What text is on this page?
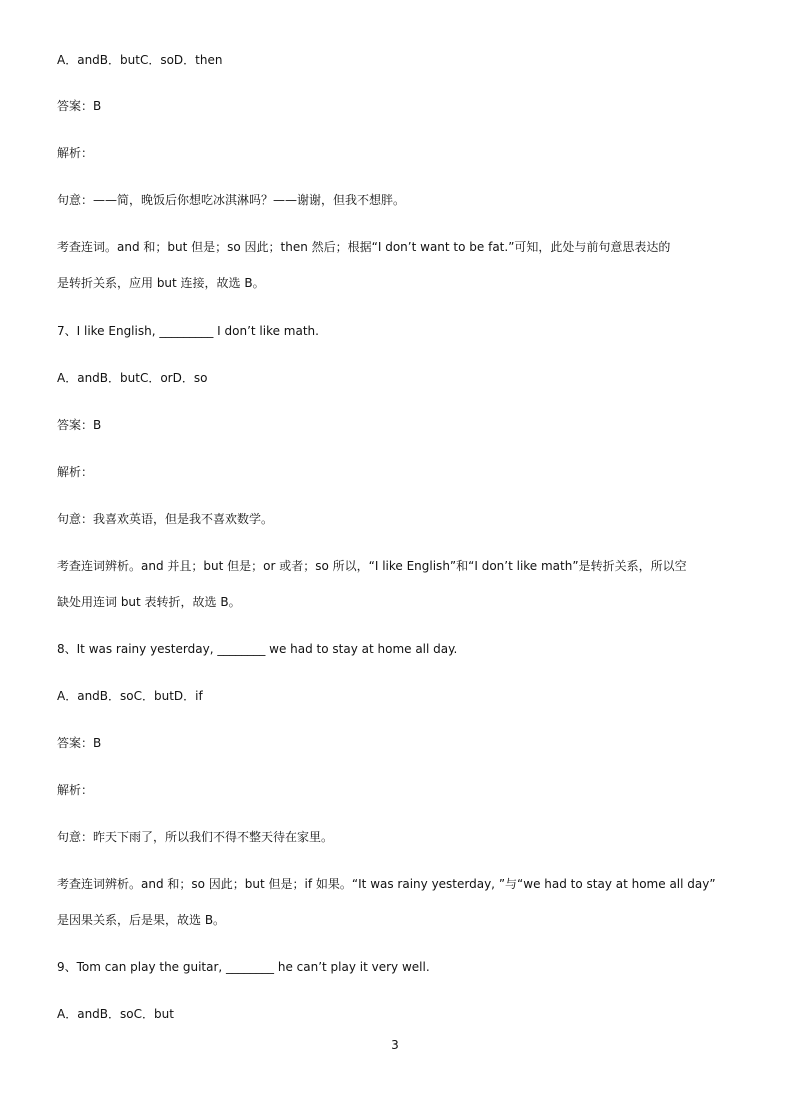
A．andB．butC．soD．then
答案：B
解析：
句意：——简，晚饭后你想吃冰淇淋吗？——谢谢，但我不想胖。
考查连词。and 和；but 但是；so 因此；then 然后；根据“I don’t want to be fat.”可知，此处与前句意思表达的
是转折关系，应用 but 连接，故选 B。
7、I like English, _________ I don’t like math.
A．andB．butC．orD．so
答案：B
解析：
句意：我喜欢英语，但是我不喜欢数学。
考查连词辨析。and 并且；but 但是；or 或者；so 所以，“I like English”和“I don’t like math”是转折关系，所以空
缺处用连词 but 表转折，故选 B。
8、It was rainy yesterday, ________ we had to stay at home all day.
A．andB．soC．butD．if
答案：B
解析：
句意：昨天下雨了，所以我们不得不整天待在家里。
考查连词辨析。and 和；so 因此；but 但是；if 如果。“It was rainy yesterday, ”与“we had to stay at home all day”
是因果关系，后是果，故选 B。
9、Tom can play the guitar, ________ he can’t play it very well.
A．andB．soC．but
3
